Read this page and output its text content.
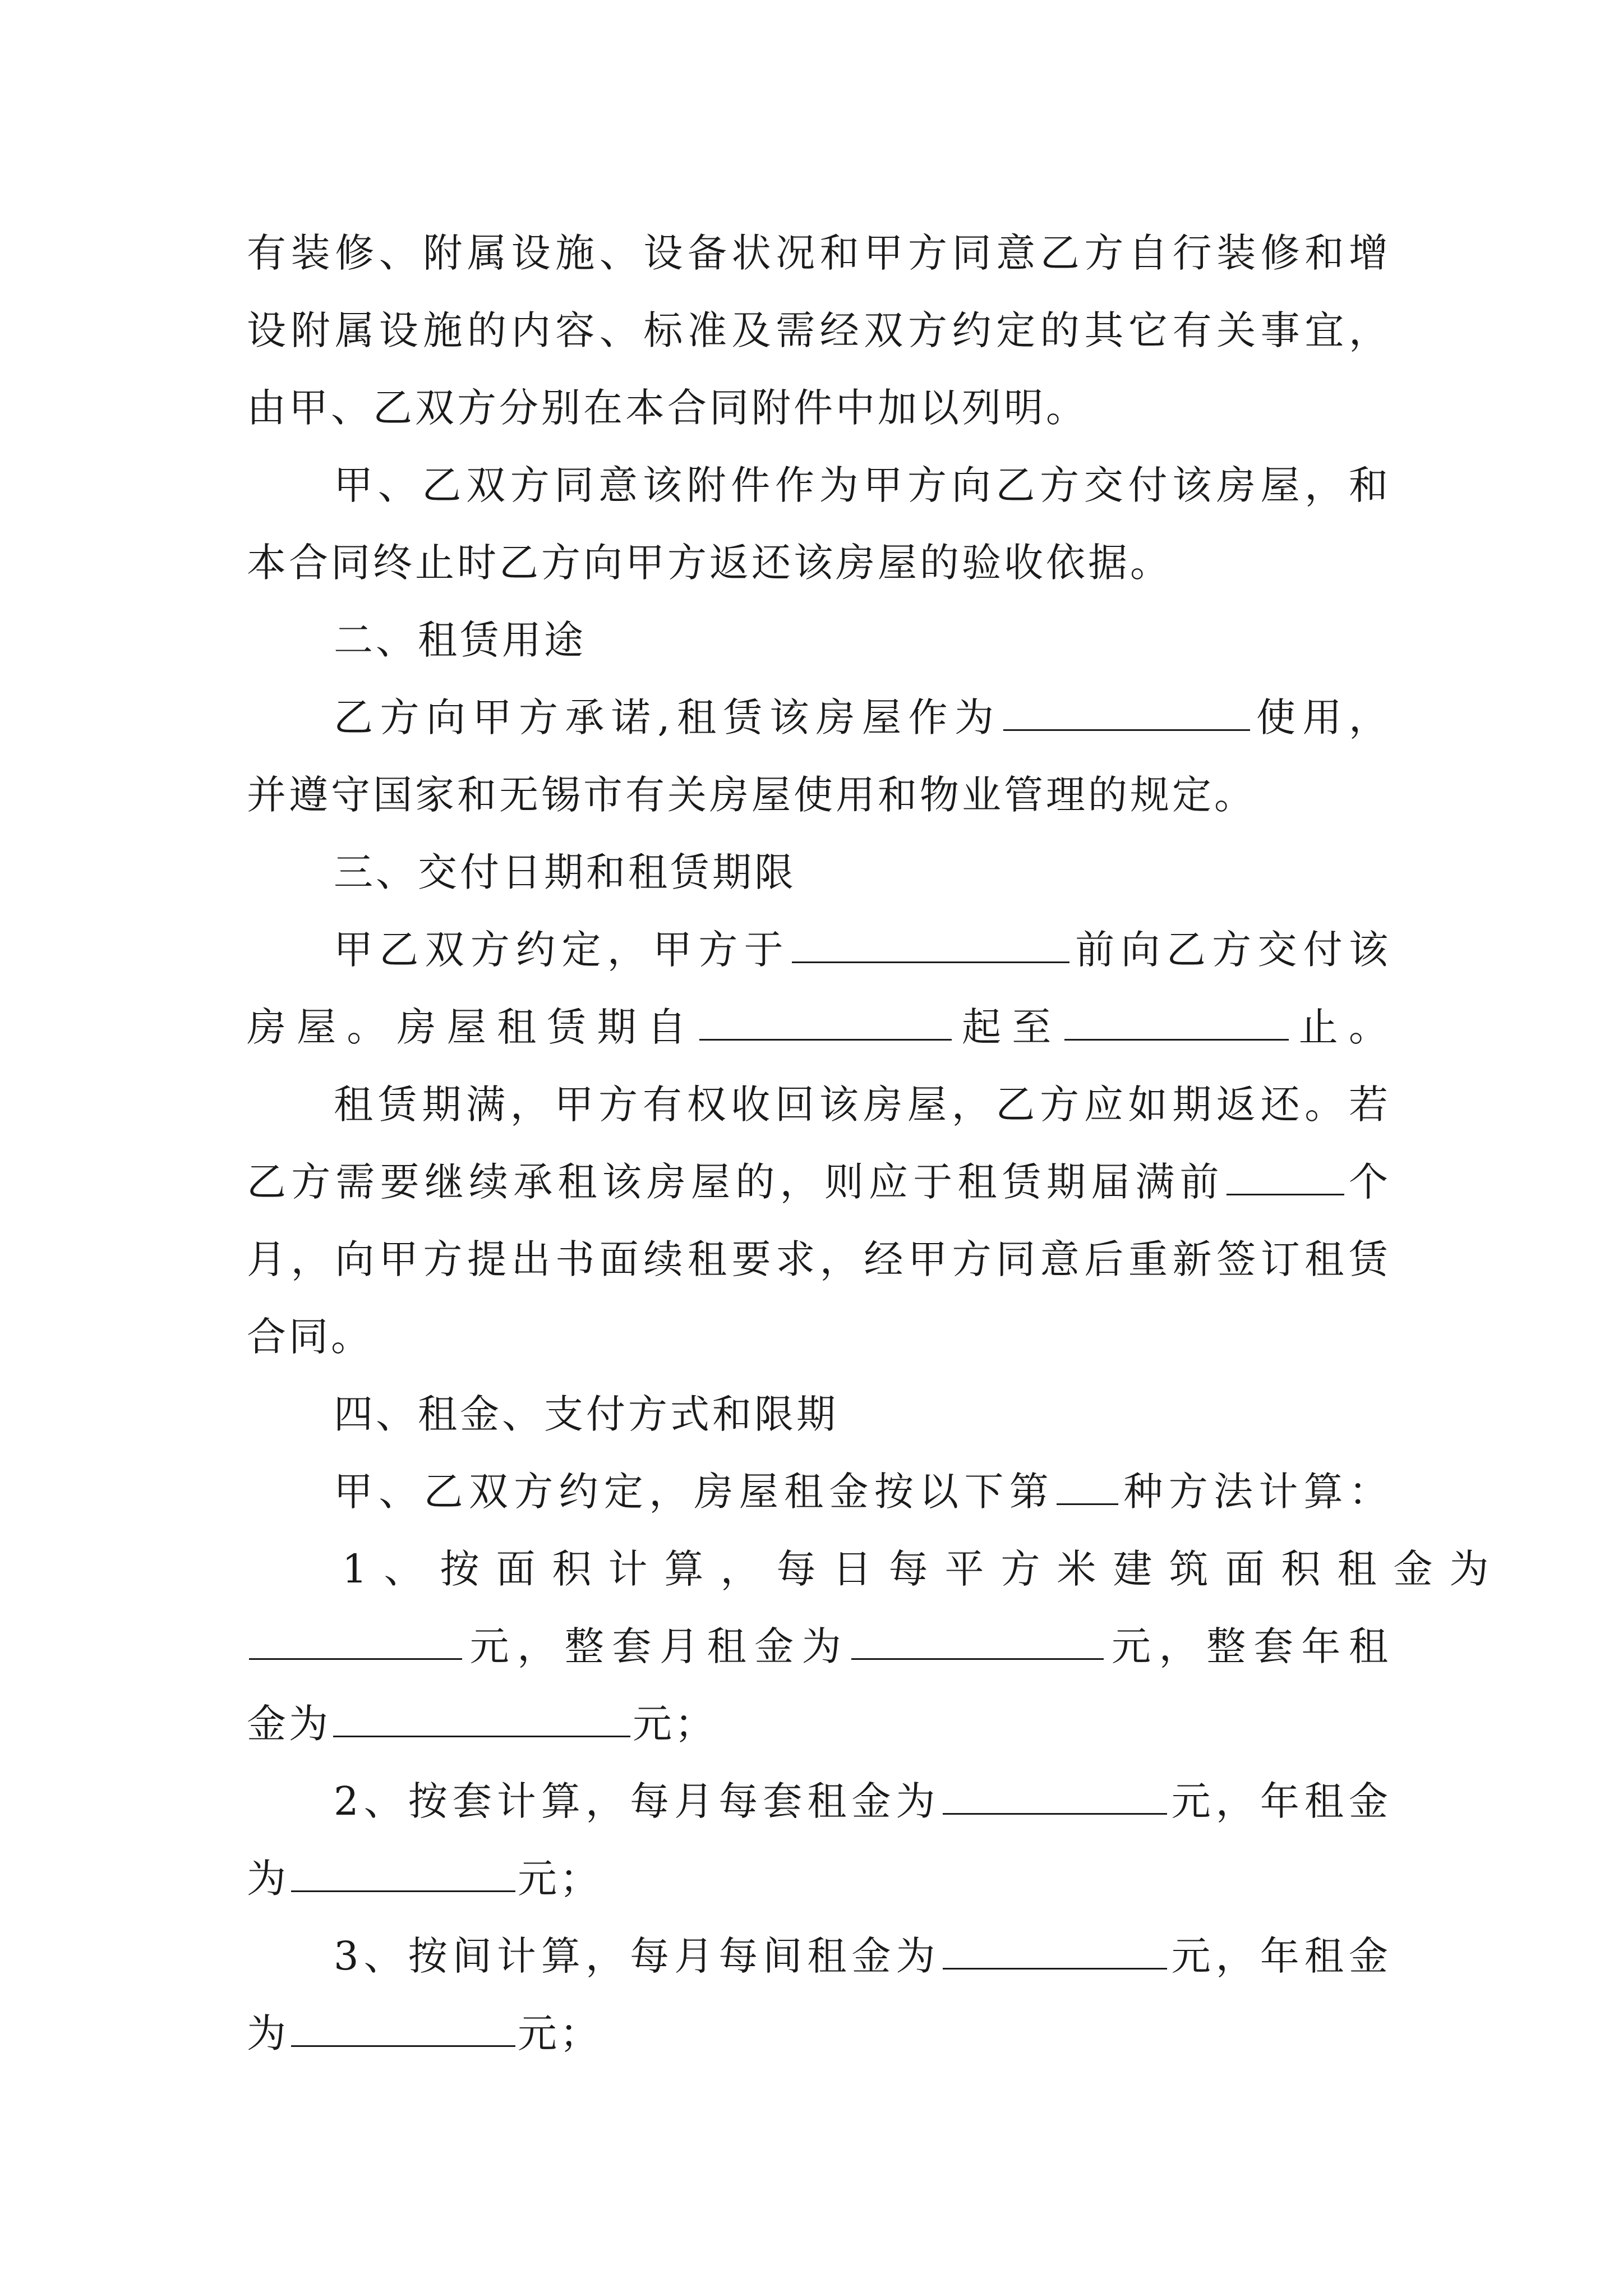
有装修、附属设施、设备状况和甲方同意乙方自行装修和增
设附属设施的内容、标准及需经双方约定的其它有关事宜，
由甲、乙双方分别在本合同附件中加以列明。
甲、乙双方同意该附件作为甲方向乙方交付该房屋，和
本合同终止时乙方向甲方返还该房屋的验收依据。
二、租赁用途
乙方向甲方承诺,租赁该房屋作为	使用，
并遵守国家和无锡市有关房屋使用和物业管理的规定。
三、交付日期和租赁期限
甲乙双方约定，甲方于	前向乙方交付该
房屋。房屋租赁期自	起至	止。
租赁期满，甲方有权收回该房屋，乙方应如期返还。若
乙方需要继续承租该房屋的，则应于租赁期届满前	个
月，向甲方提出书面续租要求，经甲方同意后重新签订租赁
合同。
四、租金、支付方式和限期
甲、乙双方约定，房屋租金按以下第 种方法计算：
1、按面积计算，每日每平方米建筑面积租金为
元，整套月租金为	元，整套年租
金为	元；
2、按套计算，每月每套租金为	元，年租金
为	元；
3、按间计算，每月每间租金为	元，年租金
为	元；
